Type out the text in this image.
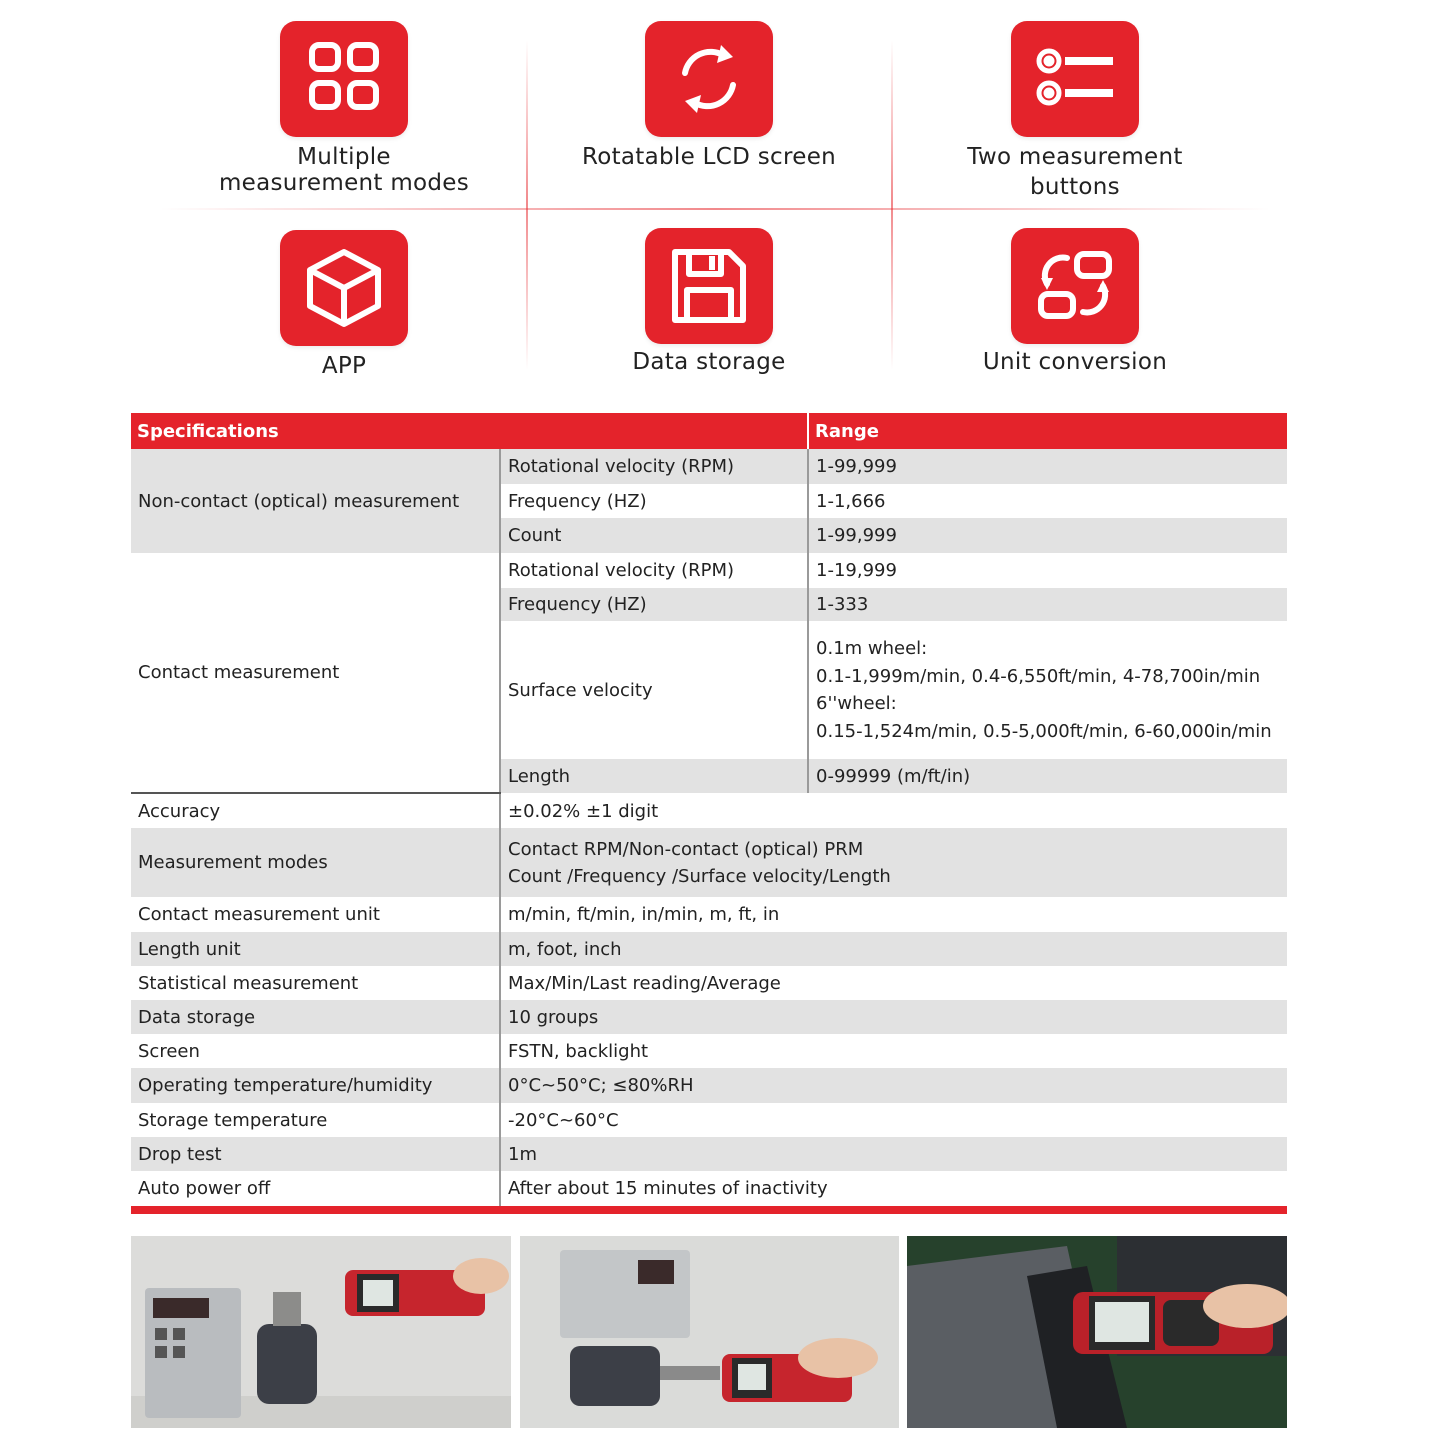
Multiple
measurement modes
Rotatable LCD screen	Two measurement
buttons
APP	Data storage	Unit conversion
Specifications		Range
Non-contact (optical) measurement	Rotational velocity (RPM)	1-99,999
	Frequency (HZ)	1-1,666
	Count	1-99,999
Contact measurement	Rotational velocity (RPM)	1-19,999
	Frequency (HZ)	1-333
	Surface velocity	0.1m wheel:
0.1-1,999m/min, 0.4-6,550ft/min, 4-78,700in/min
6''wheel:
0.15-1,524m/min, 0.5-5,000ft/min, 6-60,000in/min

	Length	0-99999 (m/ft/in)
Accuracy	±0.02% ±1 digit
Measurement modes	Contact RPM/Non-contact (optical) PRM
Count /Frequency /Surface velocity/Length

Contact measurement unit	m/min, ft/min, in/min, m, ft, in
Length unit	m, foot, inch
Statistical measurement	Max/Min/Last reading/Average
Data storage	10 groups
Screen	FSTN, backlight
Operating temperature/humidity	0°C~50°C; ≤80%RH
Storage temperature	-20°C~60°C
Drop test	1m
Auto power off	After about 15 minutes of inactivity
